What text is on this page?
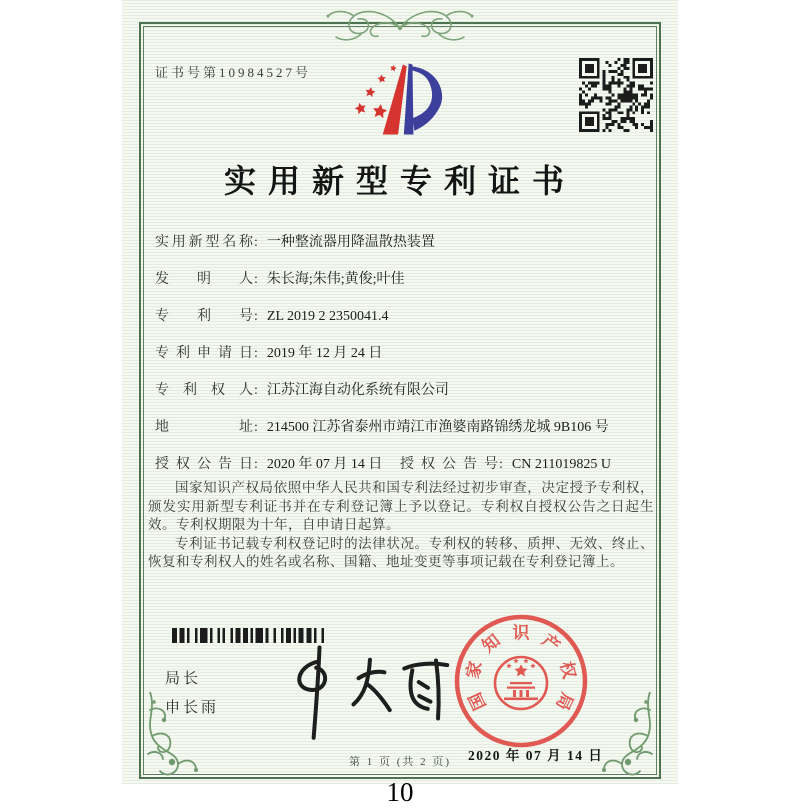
证书号第10984527号
实用新型专利证书
实用新型名称: 一种整流器用降温散热装置
发明人: 朱长海;朱伟;黄俊;叶佳
专利号: ZL 2019 2 2350041.4
专利申请日: 2019 年 12 月 24 日
专利权人: 江苏江海自动化系统有限公司
地址: 214500 江苏省泰州市靖江市渔婆南路锦绣龙城 9B106 号
授权公告日: 2020 年 07 月 14 日 授权公告号: CN 211019825 U

国家知识产权局依照中华人民共和国专利法经过初步审查，决定授予专利权，颁发实用新型专利证书并在专利登记簿上予以登记。专利权自授权公告之日起生效。专利权期限为十年，自申请日起算。

专利证书记载专利权登记时的法律状况。专利权的转移、质押、无效、终止、恢复和专利权人的姓名或名称、国籍、地址变更等事项记载在专利登记簿上。

局长
申长雨	国
家
知 识 产
权
局
2020 年 07 月 14 日
第 1 页 (共 2 页)
10
